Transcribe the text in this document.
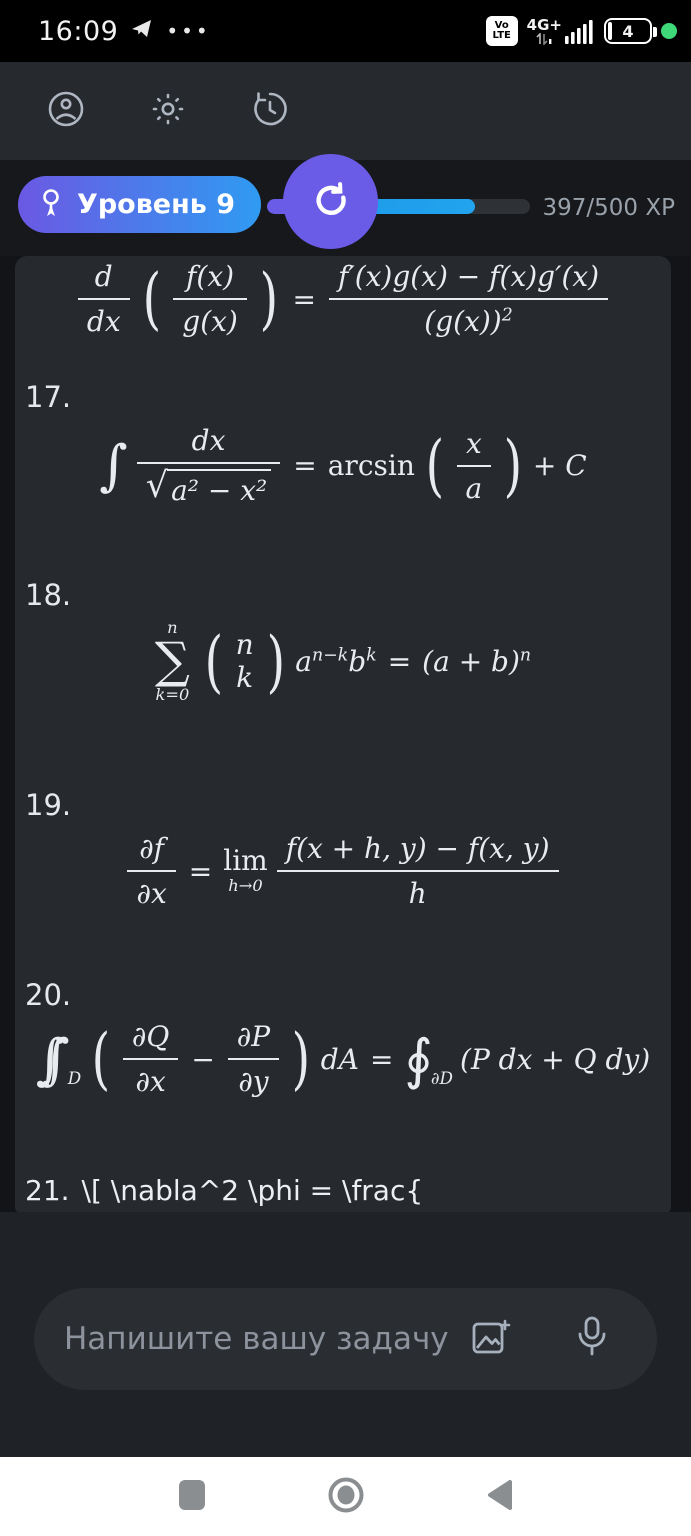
16:09 •••	Vo
LTE
4G+	4
Уровень 9	397/500 XP
$\frac{d}{dx}$ ( $\frac{f(x)}{g(x)}$ ) = $\frac{f'(x)g(x) - f(x)g'(x)}{(g(x))^2}$
17.
∫ $\frac{dx}{\text{√ a² − x²}} = \arcsin$ ( $\frac{x}{a}$ ) + C
18.
n
∑
k=0 ( n
k ) $a^{n-k}b^k = (a + b)^n$
19.
$\frac{\partial f}{\partial x} = \lim$
$h\to 0 \frac{f(x + h, y) - f(x, y)}{h}$
20.
∫∫	D ( $\frac{\partial Q}{\partial x} - \frac{\partial P}{\partial y}$ ) dA = ∮
∂D
(P dx + Q dy)
21. \[ \nabla^2 \phi = \frac{
Напишите вашу задачу
